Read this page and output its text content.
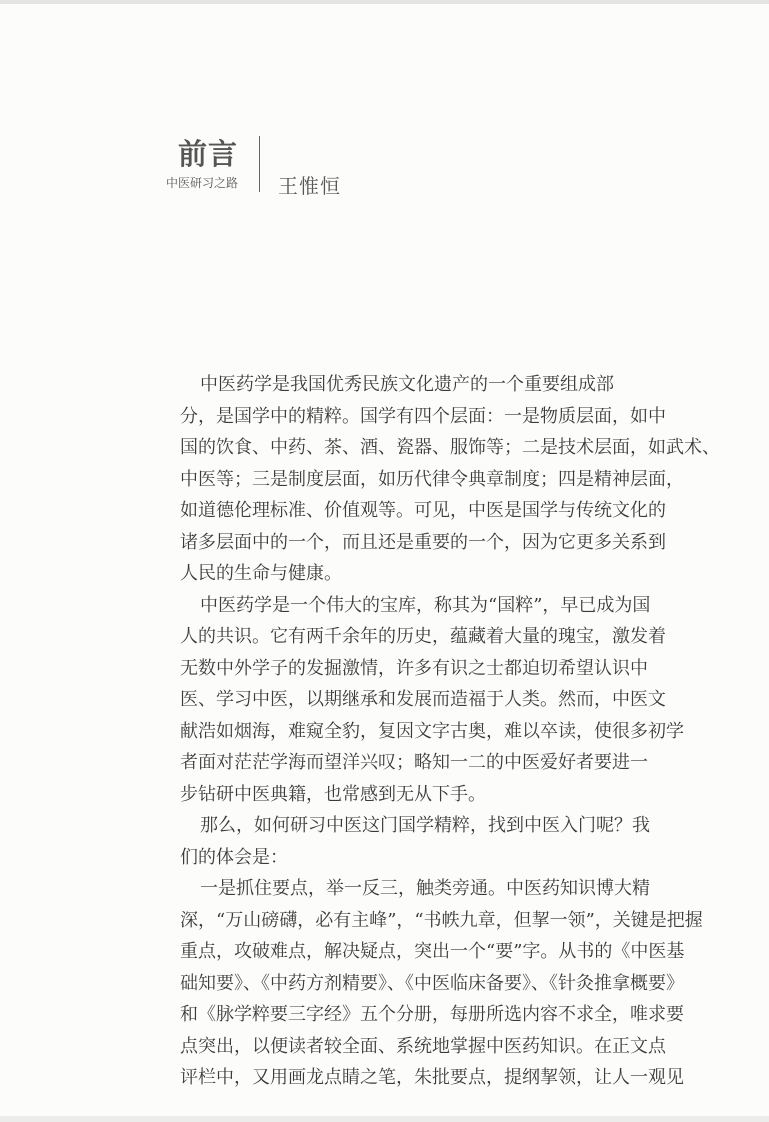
前言
中医研习之路 王惟恒
中医药学是我国优秀民族文化遗产的一个重要组成部
分，是国学中的精粹。国学有四个层面：一是物质层面，如中
国的饮食、中药、茶、酒、瓷器、服饰等；二是技术层面，如武术、
中医等；三是制度层面，如历代律令典章制度；四是精神层面，
如道德伦理标准、价值观等。可见，中医是国学与传统文化的
诸多层面中的一个，而且还是重要的一个，因为它更多关系到
人民的生命与健康。
中医药学是一个伟大的宝库，称其为“国粹”，早已成为国
人的共识。它有两千余年的历史，蕴藏着大量的瑰宝，激发着
无数中外学子的发掘激情，许多有识之士都迫切希望认识中
医、学习中医，以期继承和发展而造福于人类。然而，中医文
献浩如烟海，难窥全豹，复因文字古奥，难以卒读，使很多初学
者面对茫茫学海而望洋兴叹；略知一二的中医爱好者要进一
步钻研中医典籍，也常感到无从下手。
那么，如何研习中医这门国学精粹，找到中医入门呢？我
们的体会是：
一是抓住要点，举一反三，触类旁通。中医药知识博大精
深，“万山磅礴，必有主峰”，“书帙九章，但挈一领”，关键是把握
重点，攻破难点，解决疑点，突出一个“要”字。从书的《中医基
础知要》、《中药方剂精要》、《中医临床备要》、《针灸推拿概要》
和《脉学粹要三字经》五个分册，每册所选内容不求全，唯求要
点突出，以便读者较全面、系统地掌握中医药知识。在正文点
评栏中，又用画龙点睛之笔，朱批要点，提纲挈领，让人一观见
